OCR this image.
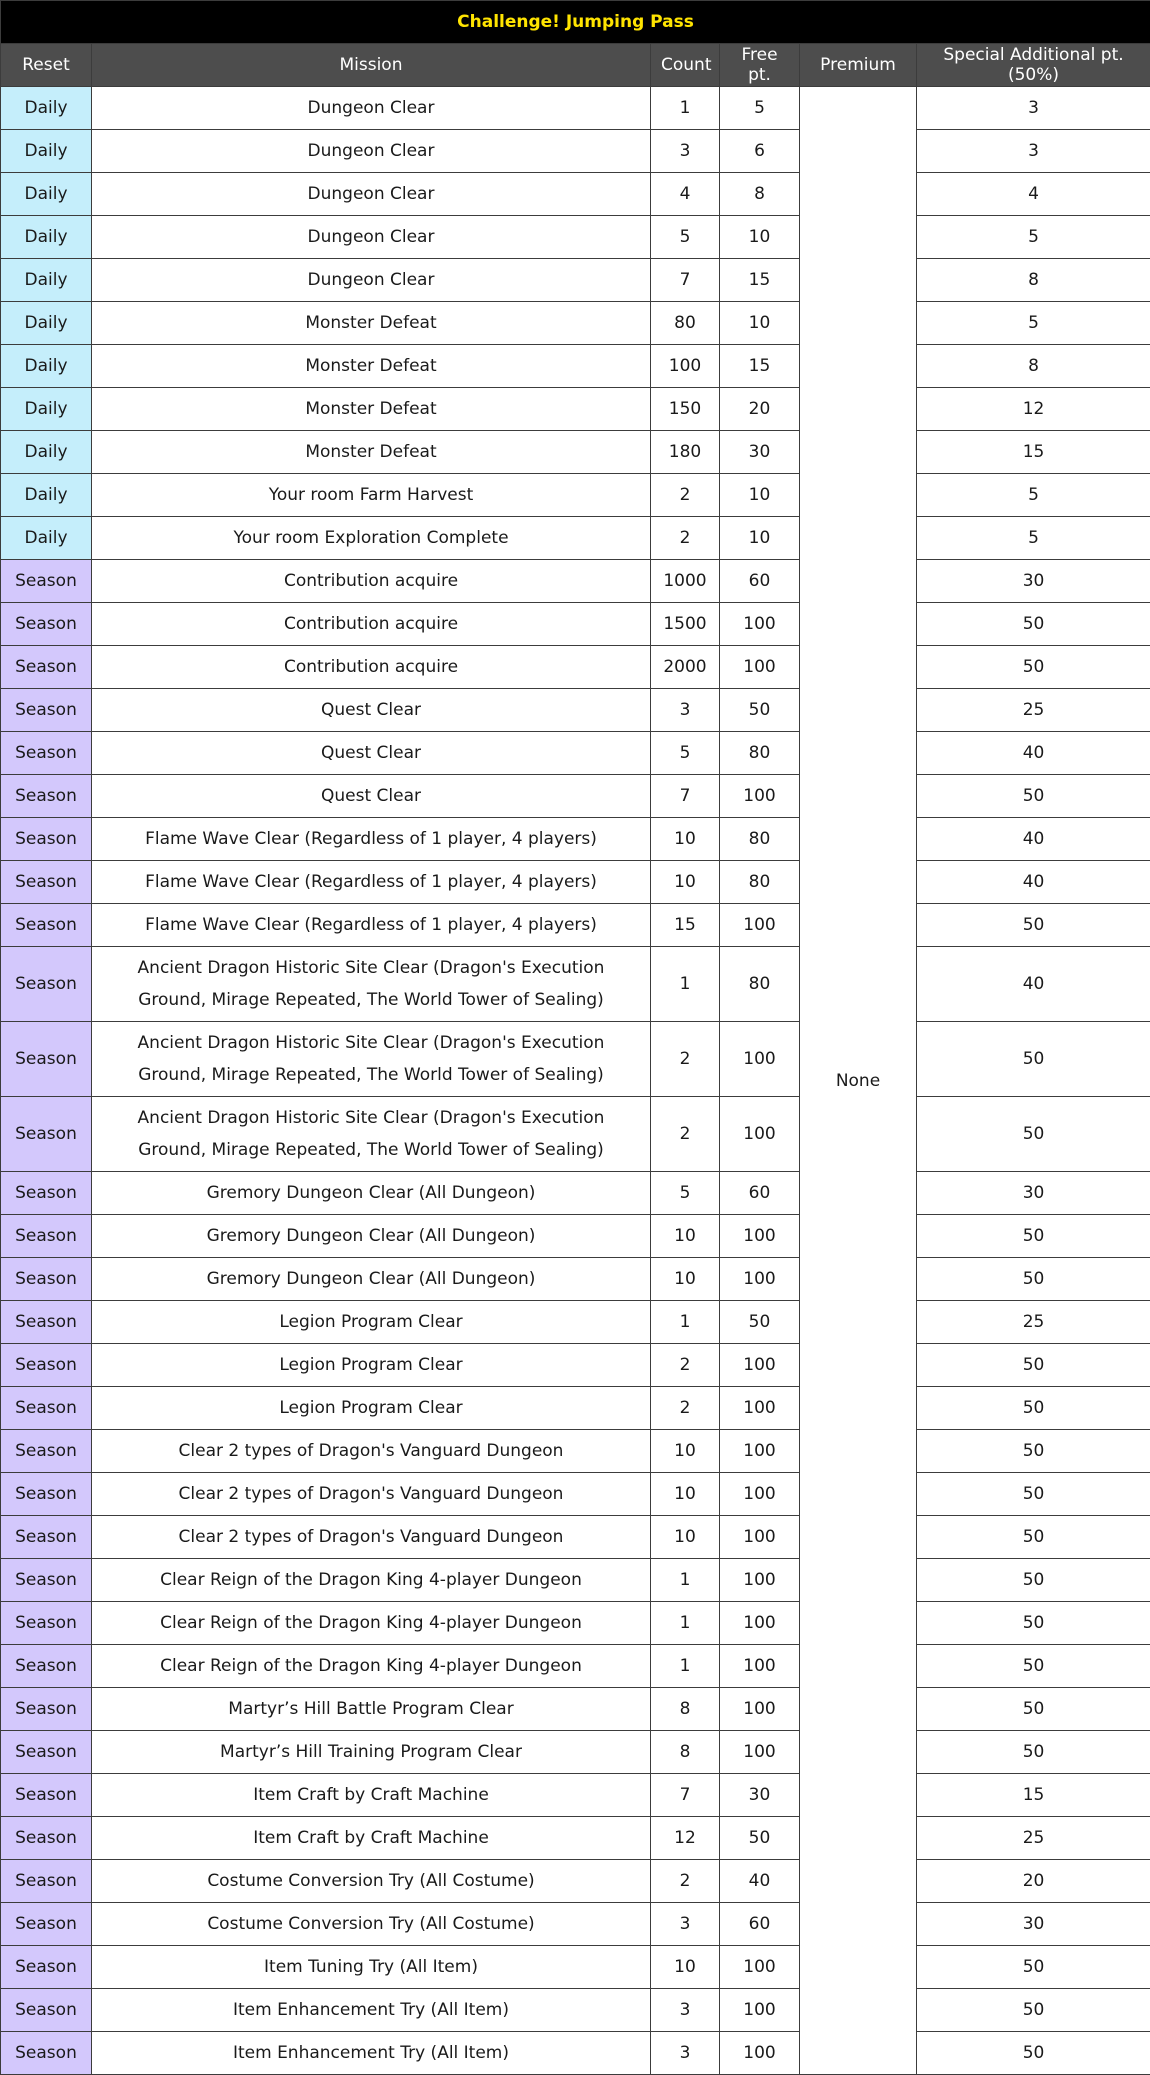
Challenge! Jumping Pass					
Reset	Mission	Count	Free pt.	Premium	Special Additional pt. (50%)
Daily	Dungeon Clear	1	5	None	3
Daily	Dungeon Clear	3	6		3
Daily	Dungeon Clear	4	8		4
Daily	Dungeon Clear	5	10		5
Daily	Dungeon Clear	7	15		8
Daily	Monster Defeat	80	10		5
Daily	Monster Defeat	100	15		8
Daily	Monster Defeat	150	20		12
Daily	Monster Defeat	180	30		15
Daily	Your room Farm Harvest	2	10		5
Daily	Your room Exploration Complete	2	10		5
Season	Contribution acquire	1000	60		30
Season	Contribution acquire	1500	100		50
Season	Contribution acquire	2000	100		50
Season	Quest Clear	3	50		25
Season	Quest Clear	5	80		40
Season	Quest Clear	7	100		50
Season	Flame Wave Clear (Regardless of 1 player, 4 players)	10	80		40
Season	Flame Wave Clear (Regardless of 1 player, 4 players)	10	80		40
Season	Flame Wave Clear (Regardless of 1 player, 4 players)	15	100		50
Season	Ancient Dragon Historic Site Clear (Dragon's Execution Ground, Mirage Repeated, The World Tower of Sealing)	1	80		40
Season	Ancient Dragon Historic Site Clear (Dragon's Execution Ground, Mirage Repeated, The World Tower of Sealing)	2	100		50
Season	Ancient Dragon Historic Site Clear (Dragon's Execution Ground, Mirage Repeated, The World Tower of Sealing)	2	100		50
Season	Gremory Dungeon Clear (All Dungeon)	5	60		30
Season	Gremory Dungeon Clear (All Dungeon)	10	100		50
Season	Gremory Dungeon Clear (All Dungeon)	10	100		50
Season	Legion Program Clear	1	50		25
Season	Legion Program Clear	2	100		50
Season	Legion Program Clear	2	100		50
Season	Clear 2 types of Dragon's Vanguard Dungeon	10	100		50
Season	Clear 2 types of Dragon's Vanguard Dungeon	10	100		50
Season	Clear 2 types of Dragon's Vanguard Dungeon	10	100		50
Season	Clear Reign of the Dragon King 4-player Dungeon	1	100		50
Season	Clear Reign of the Dragon King 4-player Dungeon	1	100		50
Season	Clear Reign of the Dragon King 4-player Dungeon	1	100		50
Season	Martyr’s Hill Battle Program Clear	8	100		50
Season	Martyr’s Hill Training Program Clear	8	100		50
Season	Item Craft by Craft Machine	7	30		15
Season	Item Craft by Craft Machine	12	50		25
Season	Costume Conversion Try (All Costume)	2	40		20
Season	Costume Conversion Try (All Costume)	3	60		30
Season	Item Tuning Try (All Item)	10	100		50
Season	Item Enhancement Try (All Item)	3	100		50
Season	Item Enhancement Try (All Item)	3	100		50
